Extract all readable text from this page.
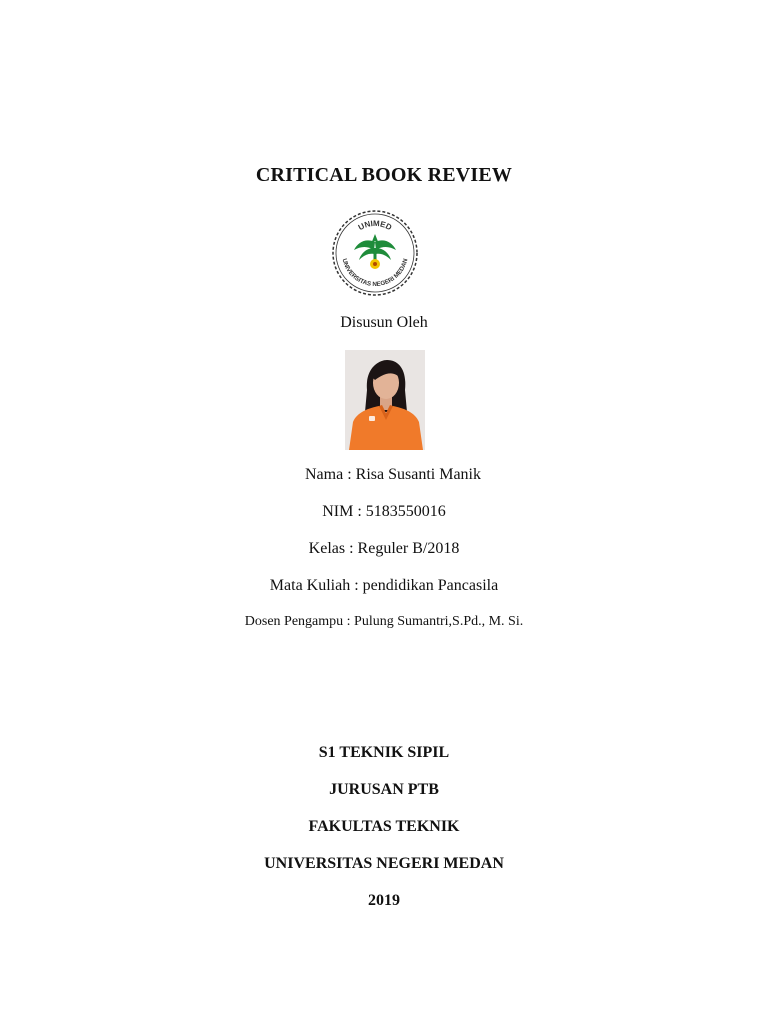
CRITICAL BOOK REVIEW
UNIMED
UNIVERSITAS NEGERI MEDAN
Disusun Oleh
Nama : Risa Susanti Manik
NIM : 5183550016
Kelas : Reguler B/2018
Mata Kuliah : pendidikan Pancasila
Dosen Pengampu : Pulung Sumantri,S.Pd., M. Si.
S1 TEKNIK SIPIL
JURUSAN PTB
FAKULTAS TEKNIK
UNIVERSITAS NEGERI MEDAN
2019
